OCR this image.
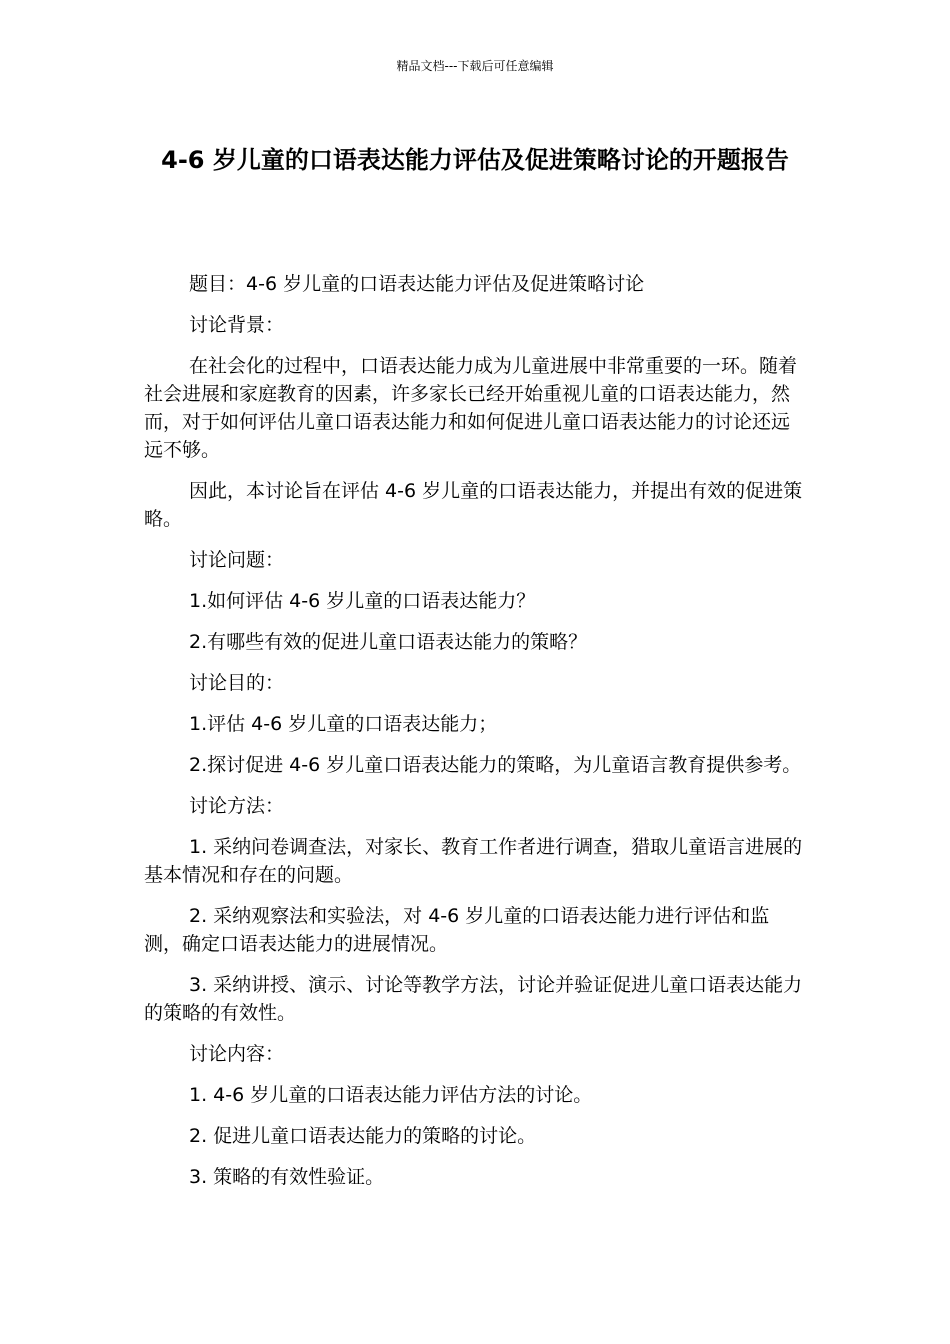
精品文档---下载后可任意编辑
4-6 岁儿童的口语表达能力评估及促进策略讨论的开题报告

题目：4-6 岁儿童的口语表达能力评估及促进策略讨论

讨论背景：

在社会化的过程中，口语表达能力成为儿童进展中非常重要的一环。随着社会进展和家庭教育的因素，许多家长已经开始重视儿童的口语表达能力，然而，对于如何评估儿童口语表达能力和如何促进儿童口语表达能力的讨论还远远不够。

因此，本讨论旨在评估 4-6 岁儿童的口语表达能力，并提出有效的促进策略。

讨论问题：

1.如何评估 4-6 岁儿童的口语表达能力？

2.有哪些有效的促进儿童口语表达能力的策略？

讨论目的：

1.评估 4-6 岁儿童的口语表达能力；

2.探讨促进 4-6 岁儿童口语表达能力的策略，为儿童语言教育提供参考。

讨论方法：

1. 采纳问卷调查法，对家长、教育工作者进行调查，猎取儿童语言进展的基本情况和存在的问题。

2. 采纳观察法和实验法，对 4-6 岁儿童的口语表达能力进行评估和监测，确定口语表达能力的进展情况。

3. 采纳讲授、演示、讨论等教学方法，讨论并验证促进儿童口语表达能力的策略的有效性。

讨论内容：

1. 4-6 岁儿童的口语表达能力评估方法的讨论。

2. 促进儿童口语表达能力的策略的讨论。

3. 策略的有效性验证。
